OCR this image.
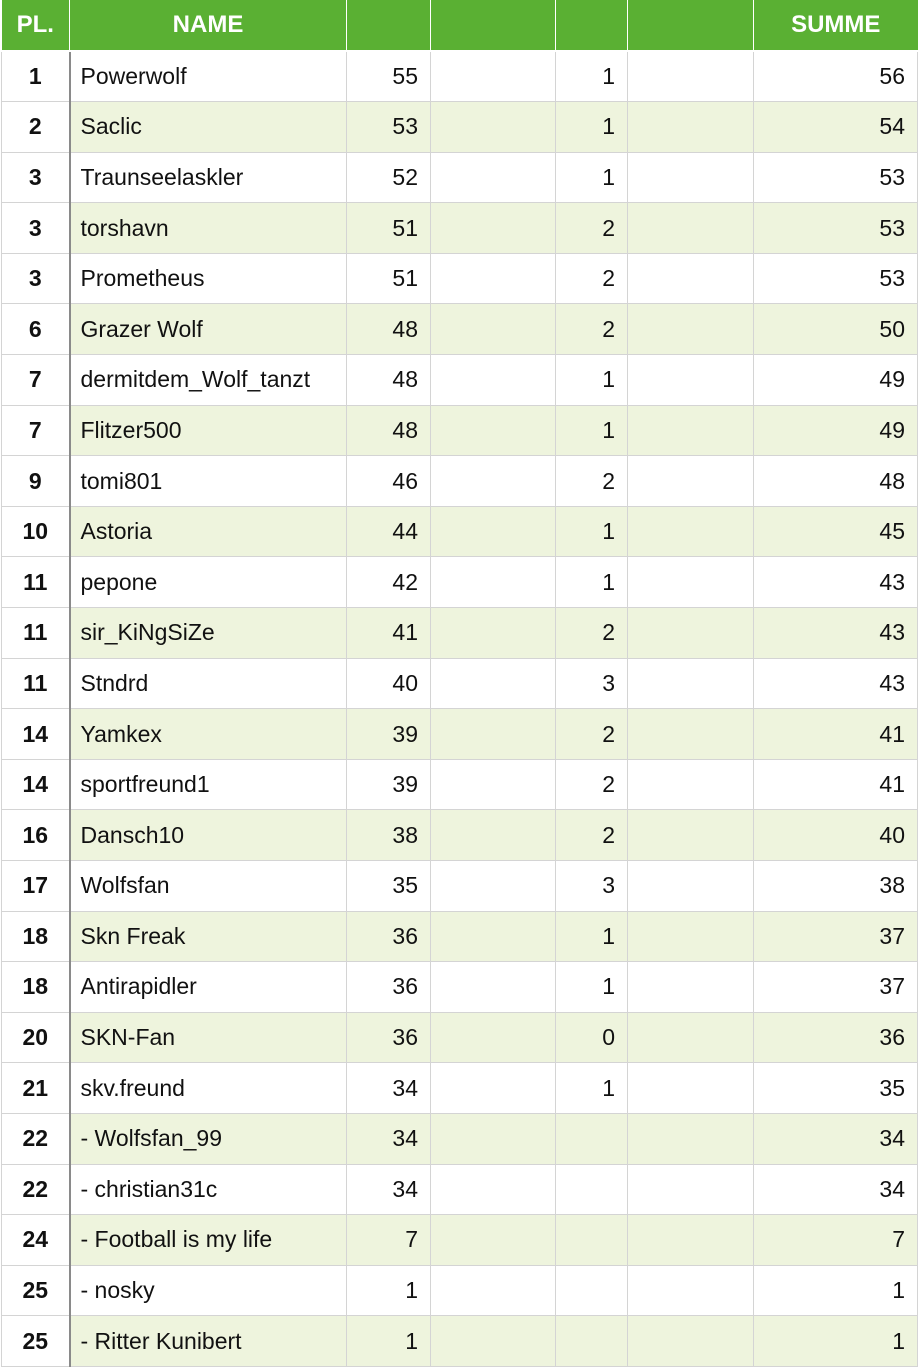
PL.	NAME					SUMME
1	Powerwolf	55		1		56
2	Saclic	53		1		54
3	Traunseelaskler	52		1		53
3	torshavn	51		2		53
3	Prometheus	51		2		53
6	Grazer Wolf	48		2		50
7	dermitdem_Wolf_tanzt	48		1		49
7	Flitzer500	48		1		49
9	tomi801	46		2		48
10	Astoria	44		1		45
11	pepone	42		1		43
11	sir_KiNgSiZe	41		2		43
11	Stndrd	40		3		43
14	Yamkex	39		2		41
14	sportfreund1	39		2		41
16	Dansch10	38		2		40
17	Wolfsfan	35		3		38
18	Skn Freak	36		1		37
18	Antirapidler	36		1		37
20	SKN-Fan	36		0		36
21	skv.freund	34		1		35
22	- Wolfsfan_99	34				34
22	- christian31c	34				34
24	- Football is my life	7				7
25	- nosky	1				1
25	- Ritter Kunibert	1				1
